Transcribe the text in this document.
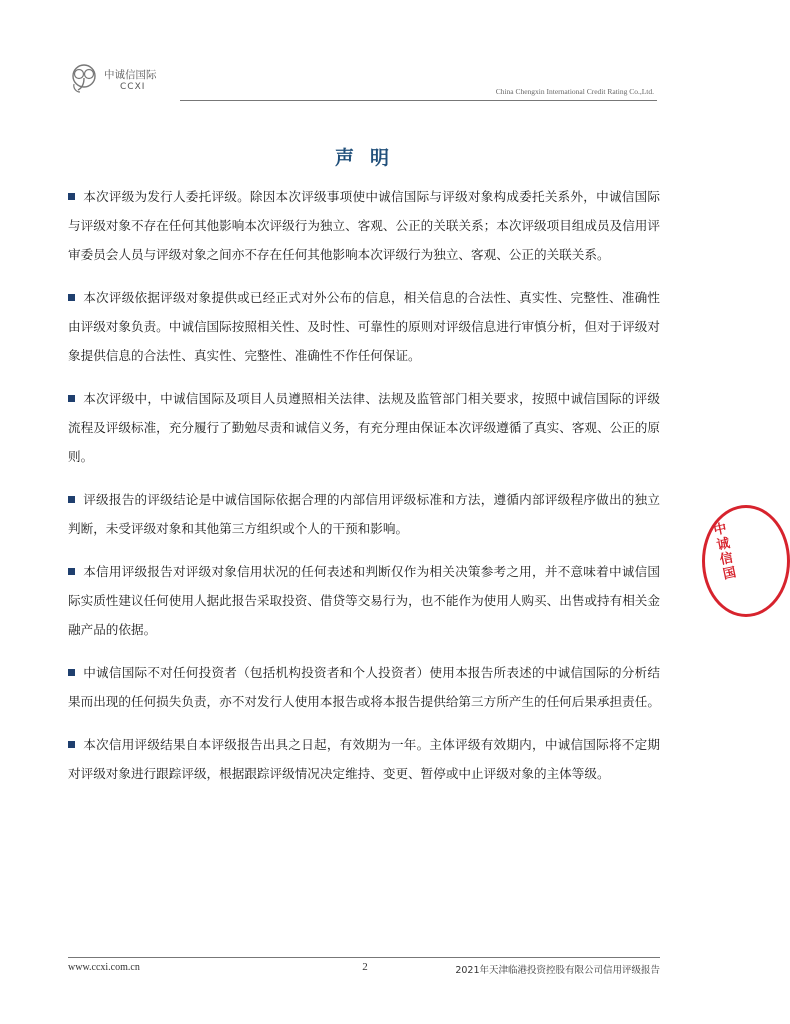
中诚信国际
CCXI	China Chengxin International Credit Rating Co.,Ltd.
声明

本次评级为发行人委托评级。除因本次评级事项使中诚信国际与评级对象构成委托关系外，中诚信国际与评级对象不存在任何其他影响本次评级行为独立、客观、公正的关联关系；本次评级项目组成员及信用评审委员会人员与评级对象之间亦不存在任何其他影响本次评级行为独立、客观、公正的关联关系。

本次评级依据评级对象提供或已经正式对外公布的信息，相关信息的合法性、真实性、完整性、准确性由评级对象负责。中诚信国际按照相关性、及时性、可靠性的原则对评级信息进行审慎分析，但对于评级对象提供信息的合法性、真实性、完整性、准确性不作任何保证。

本次评级中，中诚信国际及项目人员遵照相关法律、法规及监管部门相关要求，按照中诚信国际的评级流程及评级标准，充分履行了勤勉尽责和诚信义务，有充分理由保证本次评级遵循了真实、客观、公正的原则。

评级报告的评级结论是中诚信国际依据合理的内部信用评级标准和方法，遵循内部评级程序做出的独立判断，未受评级对象和其他第三方组织或个人的干预和影响。

本信用评级报告对评级对象信用状况的任何表述和判断仅作为相关决策参考之用，并不意味着中诚信国际实质性建议任何使用人据此报告采取投资、借贷等交易行为，也不能作为使用人购买、出售或持有相关金融产品的依据。

中诚信国际不对任何投资者（包括机构投资者和个人投资者）使用本报告所表述的中诚信国际的分析结果而出现的任何损失负责，亦不对发行人使用本报告或将本报告提供给第三方所产生的任何后果承担责任。

本次信用评级结果自本评级报告出具之日起，有效期为一年。主体评级有效期内，中诚信国际将不定期对评级对象进行跟踪评级，根据跟踪评级情况决定维持、变更、暂停或中止评级对象的主体等级。

中诚信国
www.ccxi.com.cn	2	2021年天津临港投资控股有限公司信用评级报告
